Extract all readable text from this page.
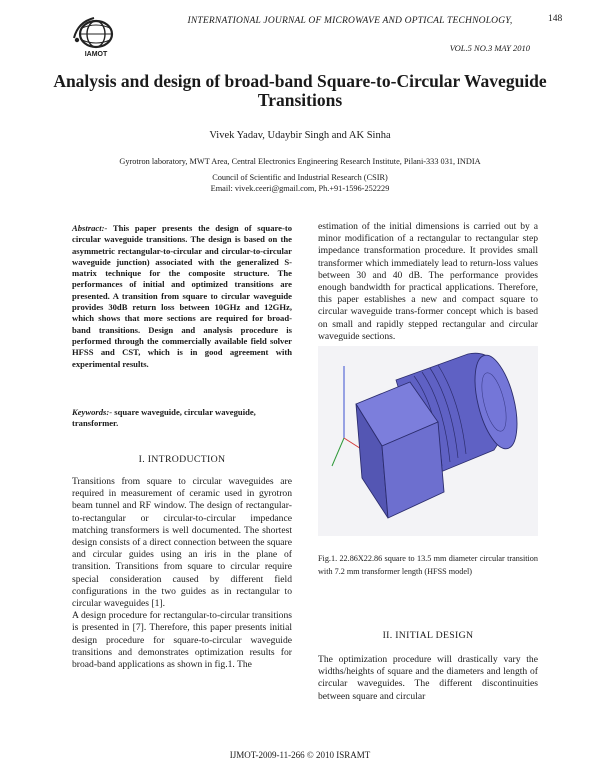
IAMOT
INTERNATIONAL JOURNAL OF MICROWAVE AND OPTICAL TECHNOLOGY,
VOL.5 NO.3 MAY 2010
148
Analysis and design of broad-band Square-to-Circular Waveguide Transitions
Vivek Yadav, Udaybir Singh and AK Sinha
Gyrotron laboratory, MWT Area, Central Electronics Engineering Research Institute, Pilani-333 031, INDIA
Council of Scientific and Industrial Research (CSIR)
Email: vivek.ceeri@gmail.com, Ph.+91-1596-252229
Abstract:- This paper presents the design of square-to circular waveguide transitions. The design is based on the asymmetric rectangular-to-circular and circular-to-circular waveguide junction) associated with the generalized S-matrix technique for the composite structure. The performances of initial and optimized transitions are presented. A transition from square to circular waveguide provides 30dB return loss between 10GHz and 12GHz, which shows that more sections are required for broad-band transitions. Design and analysis procedure is performed through the commercially available field solver HFSS and CST, which is in good agreement with experimental results.
Keywords:- square waveguide, circular waveguide, transformer.
I. INTRODUCTION

Transitions from square to circular waveguides are required in measurement of ceramic used in gyrotron beam tunnel and RF window. The design of rectangular-to-rectangular or circular-to-circular impedance matching transformers is well documented. The shortest design consists of a direct connection between the square and circular guides using an iris in the plane of transition. Transitions from square to circular require special consideration caused by different field configurations in the two guides as in rectangular to circular waveguides [1].

A design procedure for rectangular-to-circular transitions is presented in [7]. Therefore, this paper presents initial design procedure for square-to-circular waveguide transitions and demonstrates optimization results for broad-band applications as shown in fig.1. The

estimation of the initial dimensions is carried out by a minor modification of a rectangular to rectangular step impedance transformation procedure. It provides small transformer which immediately lead to return-loss values between 30 and 40 dB. The performance provides enough bandwidth for practical applications. Therefore, this paper establishes a new and compact square to circular waveguide trans-former concept which is based on small and rapidly stepped rectangular and circular waveguide sections.
Fig.1. 22.86X22.86 square to 13.5 mm diameter circular transition with 7.2 mm transformer length (HFSS model)
II. INITIAL DESIGN
The optimization procedure will drastically vary the widths/heights of square and the diameters and length of circular waveguides. The different discontinuities between square and circular
IJMOT-2009-11-266 © 2010 ISRAMT
